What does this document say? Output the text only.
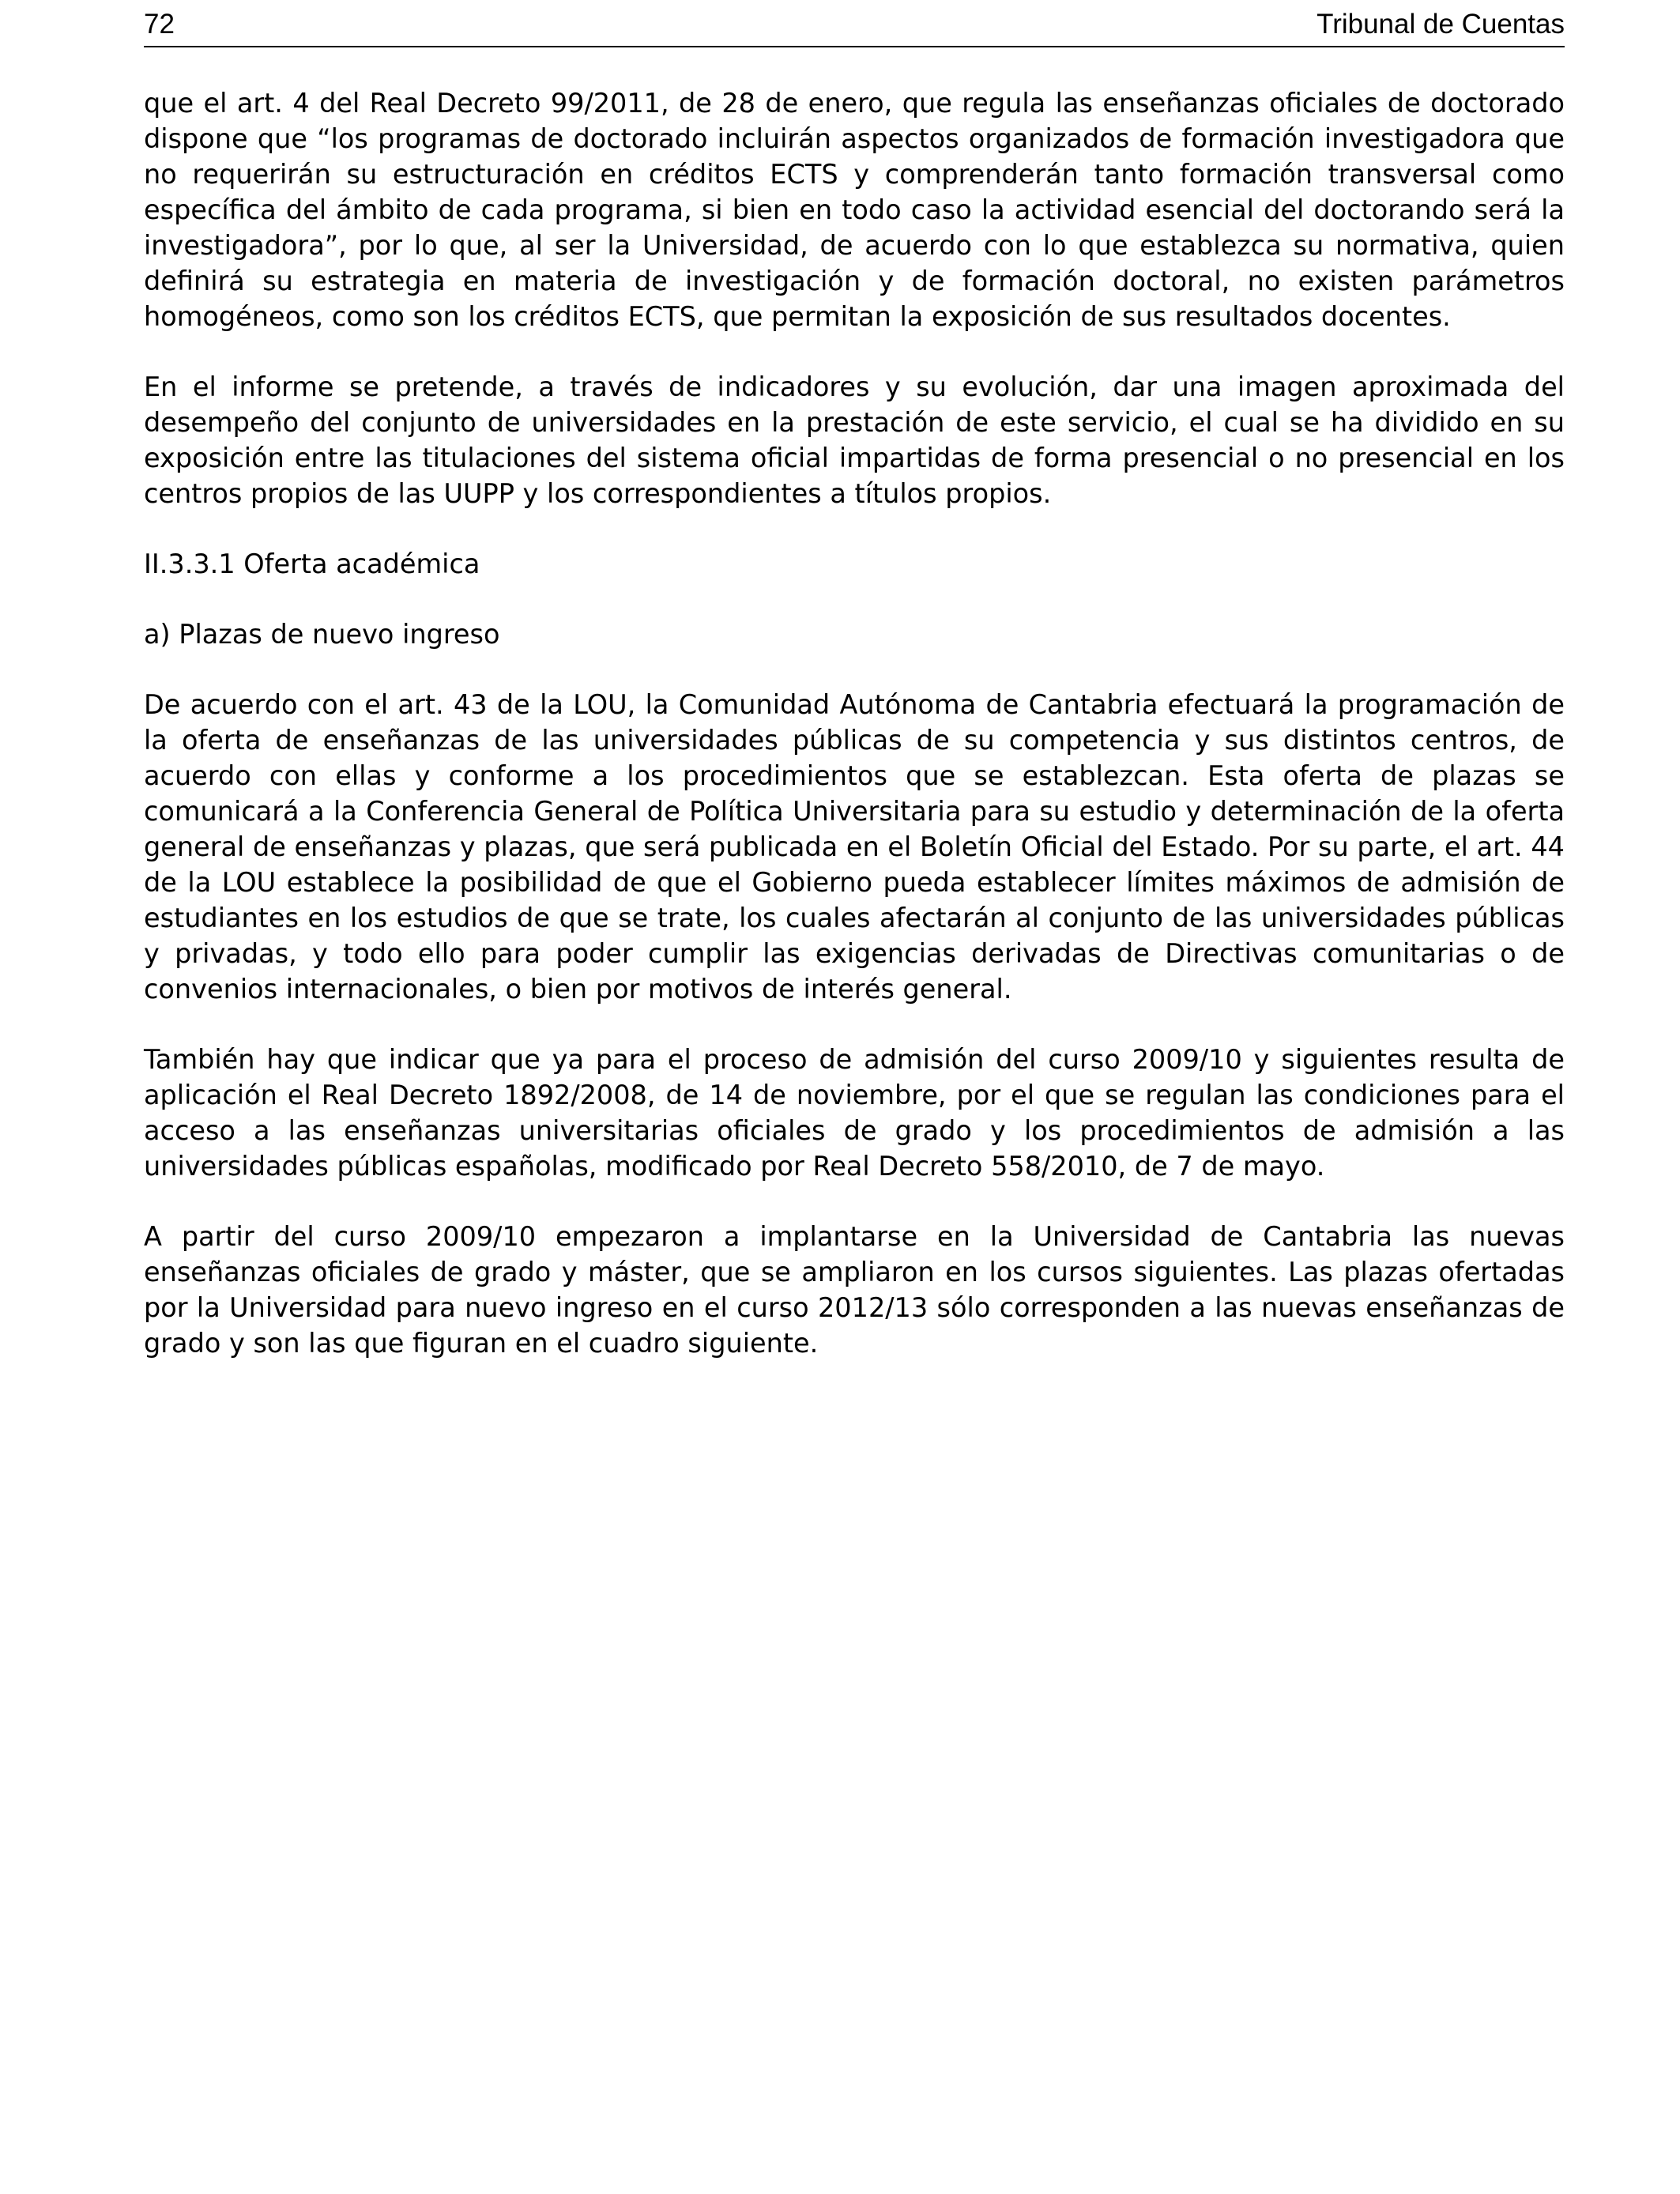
72	Tribunal de Cuentas

que el art. 4 del Real Decreto 99/2011, de 28 de enero, que regula las enseñanzas oficiales de doctorado dispone que “los programas de doctorado incluirán aspectos organizados de formación investigadora que no requerirán su estructuración en créditos ECTS y comprenderán tanto formación transversal como específica del ámbito de cada programa, si bien en todo caso la actividad esencial del doctorando será la investigadora”, por lo que, al ser la Universidad, de acuerdo con lo que establezca su normativa, quien definirá su estrategia en materia de investigación y de formación doctoral, no existen parámetros homogéneos, como son los créditos ECTS, que permitan la exposición de sus resultados docentes.

En el informe se pretende, a través de indicadores y su evolución, dar una imagen aproximada del desempeño del conjunto de universidades en la prestación de este servicio, el cual se ha dividido en su exposición entre las titulaciones del sistema oficial impartidas de forma presencial o no presencial en los centros propios de las UUPP y los correspondientes a títulos propios.

II.3.3.1 Oferta académica

a) Plazas de nuevo ingreso

De acuerdo con el art. 43 de la LOU, la Comunidad Autónoma de Cantabria efectuará la programación de la oferta de enseñanzas de las universidades públicas de su competencia y sus distintos centros, de acuerdo con ellas y conforme a los procedimientos que se establezcan. Esta oferta de plazas se comunicará a la Conferencia General de Política Universitaria para su estudio y determinación de la oferta general de enseñanzas y plazas, que será publicada en el Boletín Oficial del Estado. Por su parte, el art. 44 de la LOU establece la posibilidad de que el Gobierno pueda establecer límites máximos de admisión de estudiantes en los estudios de que se trate, los cuales afectarán al conjunto de las universidades públicas y privadas, y todo ello para poder cumplir las exigencias derivadas de Directivas comunitarias o de convenios internacionales, o bien por motivos de interés general.

También hay que indicar que ya para el proceso de admisión del curso 2009/10 y siguientes resulta de aplicación el Real Decreto 1892/2008, de 14 de noviembre, por el que se regulan las condiciones para el acceso a las enseñanzas universitarias oficiales de grado y los procedimientos de admisión a las universidades públicas españolas, modificado por Real Decreto 558/2010, de 7 de mayo.

A partir del curso 2009/10 empezaron a implantarse en la Universidad de Cantabria las nuevas enseñanzas oficiales de grado y máster, que se ampliaron en los cursos siguientes. Las plazas ofertadas por la Universidad para nuevo ingreso en el curso 2012/13 sólo corresponden a las nuevas enseñanzas de grado y son las que figuran en el cuadro siguiente.
